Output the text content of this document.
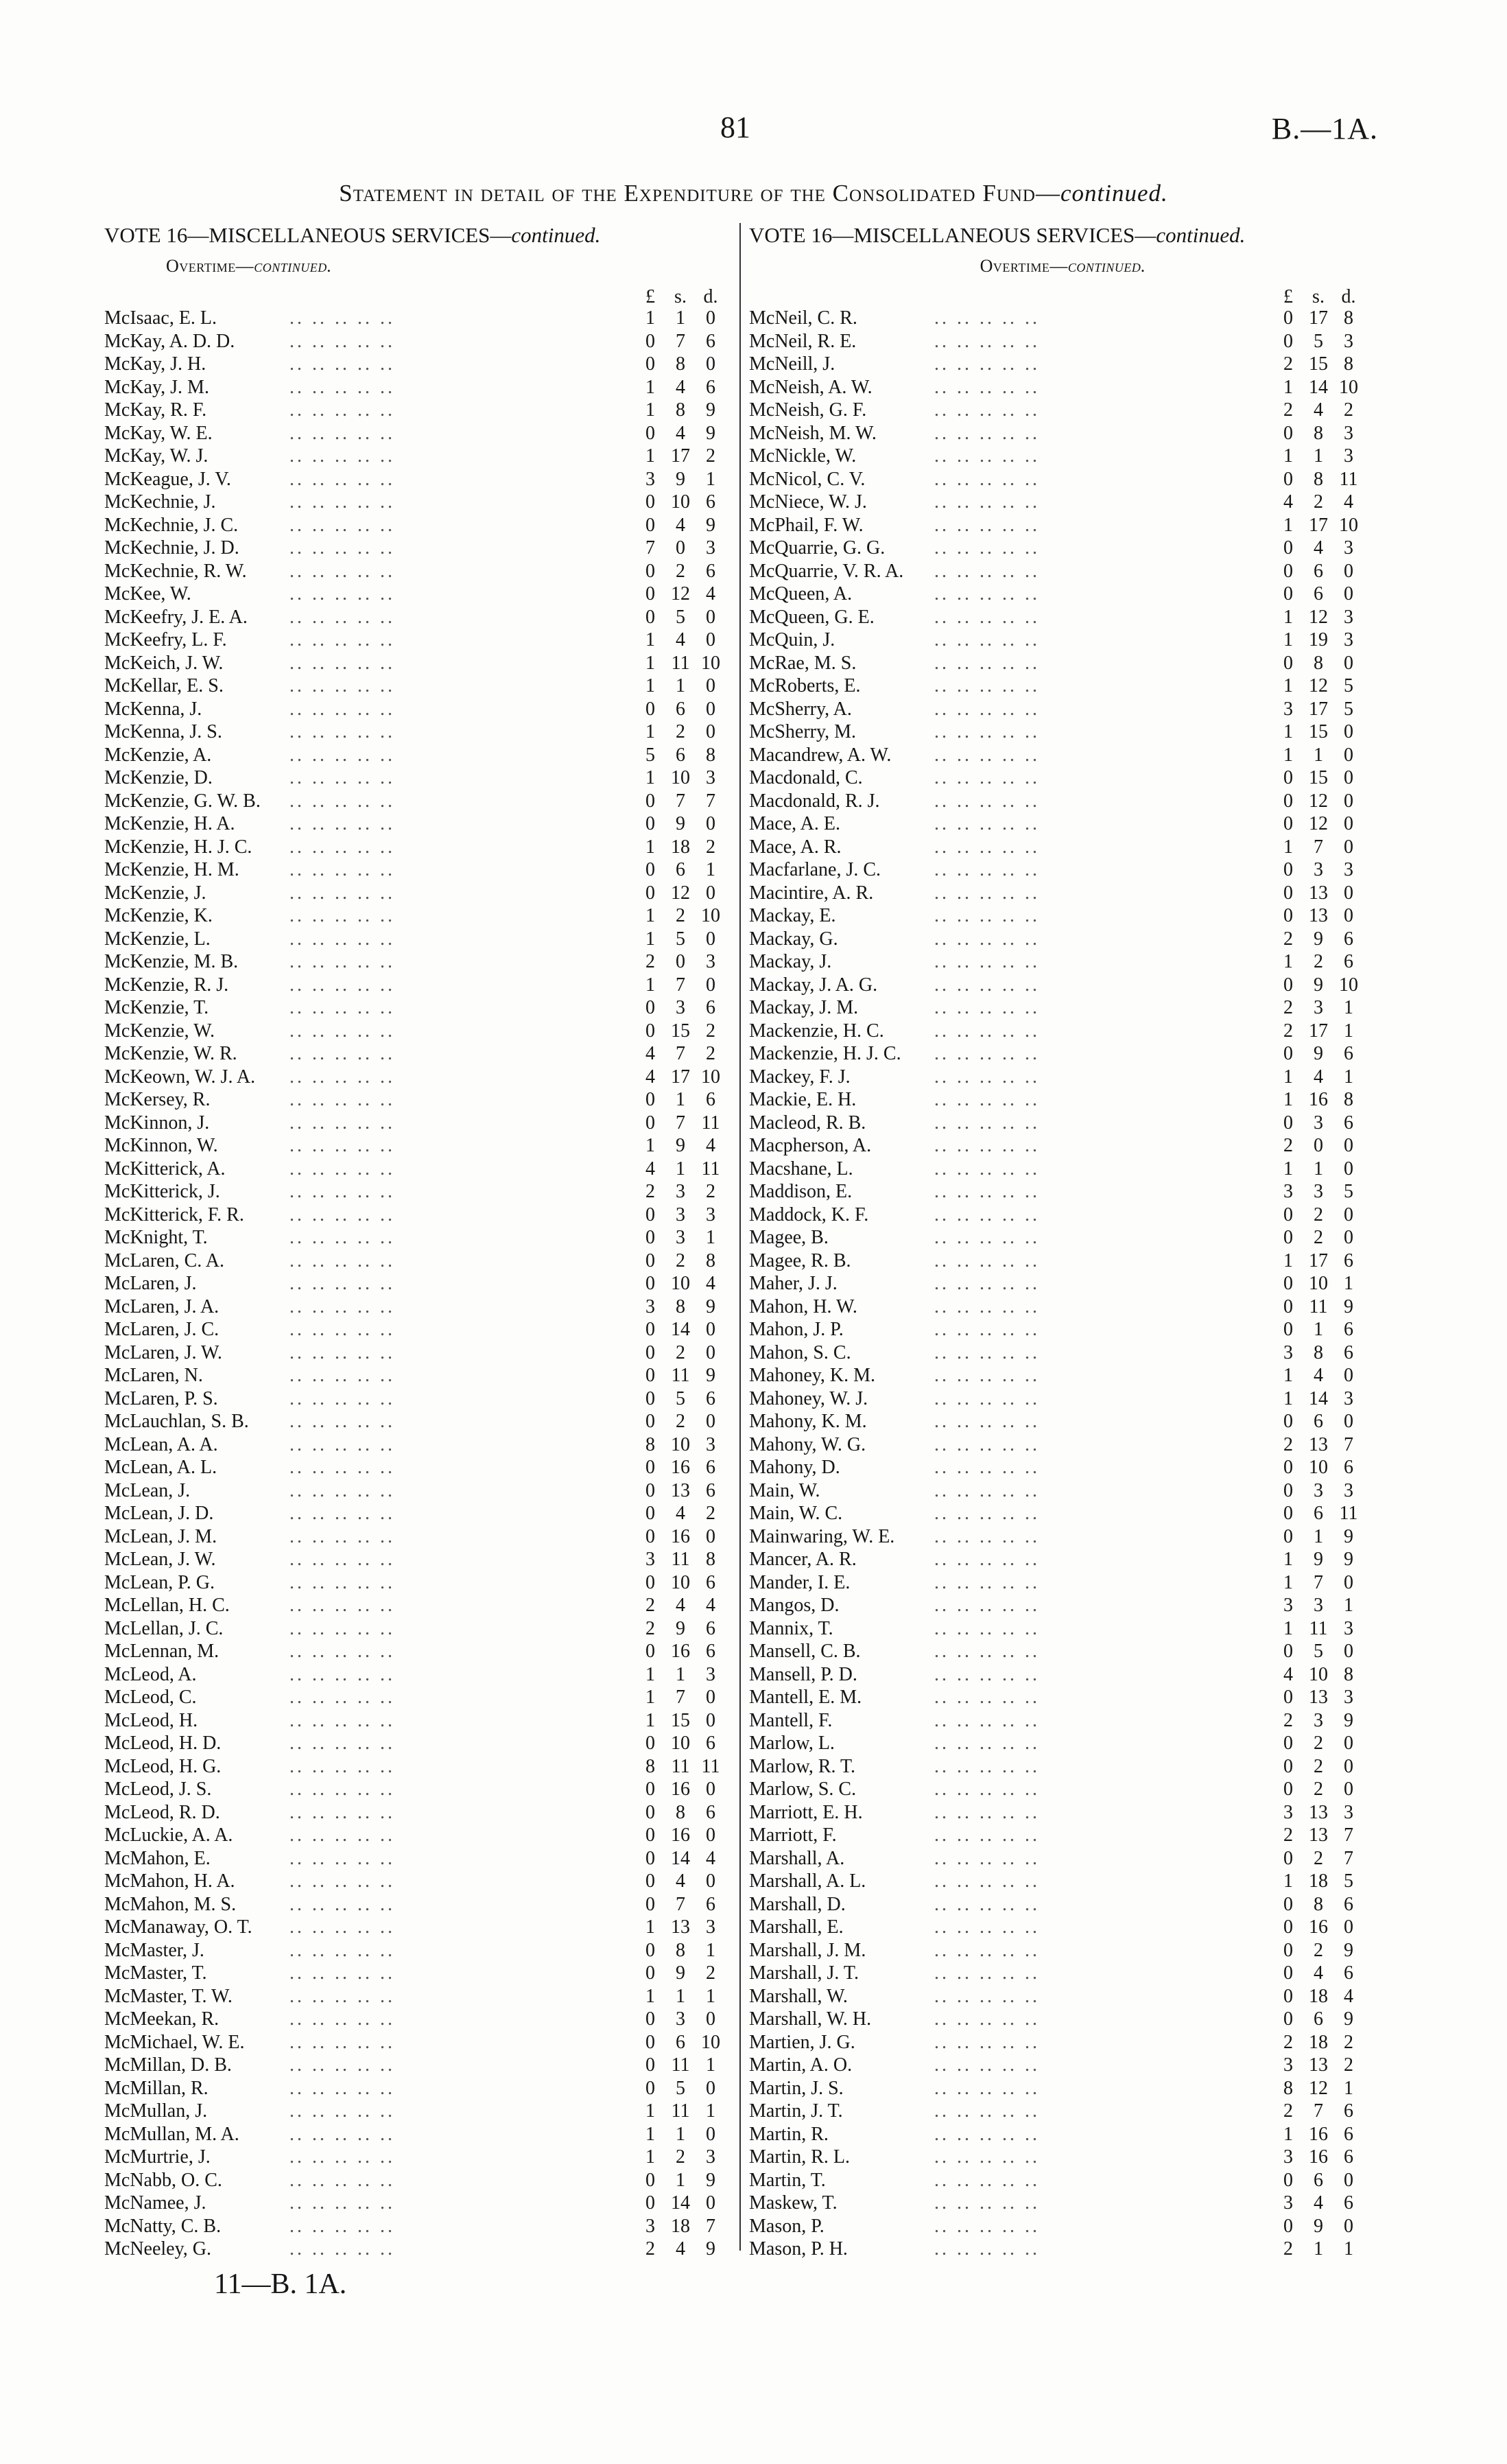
81	B.—1A.
Statement in detail of the Expenditure of the Consolidated Fund—continued.
VOTE 16—MISCELLANEOUS SERVICES—continued.
Overtime—continued.
£	s. d.
McIsaac, E. L.	1	1	0
.. .. .. .. ..
McKay, A. D. D.	0	7	6
.. .. .. .. ..
McKay, J. H.	0	8	0
.. .. .. .. ..
McKay, J. M.	1	4	6
.. .. .. .. ..
McKay, R. F.	1	8	9
.. .. .. .. ..
McKay, W. E.	0	4	9
.. .. .. .. ..
McKay, W. J.	1 17 2
.. .. .. .. ..
McKeague, J. V.	3	9	1
.. .. .. .. ..
McKechnie, J.	0 10 6
.. .. .. .. ..
McKechnie, J. C.	0	4	9
.. .. .. .. ..
McKechnie, J. D.	7	0	3
.. .. .. .. ..
McKechnie, R. W.	0	2	6
.. .. .. .. ..
McKee, W.	0 12 4
.. .. .. .. ..
McKeefry, J. E. A.	0	5	0
.. .. .. .. ..
McKeefry, L. F.	1	4	0
.. .. .. .. ..
McKeich, J. W.	1 11 10
.. .. .. .. ..
McKellar, E. S.	1	1	0
.. .. .. .. ..
McKenna, J.	0	6	0
.. .. .. .. ..
McKenna, J. S.	1	2	0
.. .. .. .. ..
McKenzie, A.	5	6	8
.. .. .. .. ..
McKenzie, D.	1 10 3
.. .. .. .. ..
McKenzie, G. W. B.	0	7	7
.. .. .. .. ..
McKenzie, H. A.	0	9	0
.. .. .. .. ..
McKenzie, H. J. C.	1 18 2
.. .. .. .. ..
McKenzie, H. M.	0	6	1
.. .. .. .. ..
McKenzie, J.	0 12 0
.. .. .. .. ..
McKenzie, K.	1	2 10
.. .. .. .. ..
McKenzie, L.	1	5	0
.. .. .. .. ..
McKenzie, M. B.	2	0	3
.. .. .. .. ..
McKenzie, R. J.	1	7	0
.. .. .. .. ..
McKenzie, T.	0	3	6
.. .. .. .. ..
McKenzie, W.	0 15 2
.. .. .. .. ..
McKenzie, W. R.	4	7	2
.. .. .. .. ..
McKeown, W. J. A.	4 17 10
.. .. .. .. ..
McKersey, R.	0	1	6
.. .. .. .. ..
McKinnon, J.	0	7 11
.. .. .. .. ..
McKinnon, W.	1	9	4
.. .. .. .. ..
McKitterick, A.	4	1 11
.. .. .. .. ..
McKitterick, J.	2	3	2
.. .. .. .. ..
McKitterick, F. R.	0	3	3
.. .. .. .. ..
McKnight, T.	0	3	1
.. .. .. .. ..
McLaren, C. A.	0	2	8
.. .. .. .. ..
McLaren, J.	0 10 4
.. .. .. .. ..
McLaren, J. A.	3	8	9
.. .. .. .. ..
McLaren, J. C.	0 14 0
.. .. .. .. ..
McLaren, J. W.	0	2	0
.. .. .. .. ..
McLaren, N.	0 11 9
.. .. .. .. ..
McLaren, P. S.	0	5	6
.. .. .. .. ..
McLauchlan, S. B.	0	2	0
.. .. .. .. ..
McLean, A. A.	8 10 3
.. .. .. .. ..
McLean, A. L.	0 16 6
.. .. .. .. ..
McLean, J.	0 13 6
.. .. .. .. ..
McLean, J. D.	0	4	2
.. .. .. .. ..
McLean, J. M.	0 16 0
.. .. .. .. ..
McLean, J. W.	3 11 8
.. .. .. .. ..
McLean, P. G.	0 10 6
.. .. .. .. ..
McLellan, H. C.	2	4	4
.. .. .. .. ..
McLellan, J. C.	2	9	6
.. .. .. .. ..
McLennan, M.	0 16 6
.. .. .. .. ..
McLeod, A.	1	1	3
.. .. .. .. ..
McLeod, C.	1	7	0
.. .. .. .. ..
McLeod, H.	1 15 0
.. .. .. .. ..
McLeod, H. D.	0 10 6
.. .. .. .. ..
McLeod, H. G.	8 11 11
.. .. .. .. ..
McLeod, J. S.	0 16 0
.. .. .. .. ..
McLeod, R. D.	0	8	6
.. .. .. .. ..
McLuckie, A. A.	0 16 0
.. .. .. .. ..
McMahon, E.	0 14 4
.. .. .. .. ..
McMahon, H. A.	0	4	0
.. .. .. .. ..
McMahon, M. S.	0	7	6
.. .. .. .. ..
McManaway, O. T.	1 13 3
.. .. .. .. ..
McMaster, J.	0	8	1
.. .. .. .. ..
McMaster, T.	0	9	2
.. .. .. .. ..
McMaster, T. W.	1	1	1
.. .. .. .. ..
McMeekan, R.	0	3	0
.. .. .. .. ..
McMichael, W. E.	0	6 10
.. .. .. .. ..
McMillan, D. B.	0 11 1
.. .. .. .. ..
McMillan, R.	0	5	0
.. .. .. .. ..
McMullan, J.	1 11 1
.. .. .. .. ..
McMullan, M. A.	1	1	0
.. .. .. .. ..
McMurtrie, J.	1	2	3
.. .. .. .. ..
McNabb, O. C.	0	1	9
.. .. .. .. ..
McNamee, J.	0 14 0
.. .. .. .. ..
McNatty, C. B.	3 18 7
.. .. .. .. ..
McNeeley, G.	2	4	9
.. .. .. .. ..
VOTE 16—MISCELLANEOUS SERVICES—continued.
Overtime—continued.
£	s. d.
McNeil, C. R.	0 17 8
.. .. .. .. ..
McNeil, R. E.	0	5	3
.. .. .. .. ..
McNeill, J.	2 15 8
.. .. .. .. ..
McNeish, A. W.	1 14 10
.. .. .. .. ..
McNeish, G. F.	2	4	2
.. .. .. .. ..
McNeish, M. W.	0	8	3
.. .. .. .. ..
McNickle, W.	1	1	3
.. .. .. .. ..
McNicol, C. V.	0	8 11
.. .. .. .. ..
McNiece, W. J.	4	2	4
.. .. .. .. ..
McPhail, F. W.	1 17 10
.. .. .. .. ..
McQuarrie, G. G.	0	4	3
.. .. .. .. ..
McQuarrie, V. R. A.	0	6	0
.. .. .. .. ..
McQueen, A.	0	6	0
.. .. .. .. ..
McQueen, G. E.	1 12 3
.. .. .. .. ..
McQuin, J.	1 19 3
.. .. .. .. ..
McRae, M. S.	0	8	0
.. .. .. .. ..
McRoberts, E.	1 12 5
.. .. .. .. ..
McSherry, A.	3 17 5
.. .. .. .. ..
McSherry, M.	1 15 0
.. .. .. .. ..
Macandrew, A. W.	1	1	0
.. .. .. .. ..
Macdonald, C.	0 15 0
.. .. .. .. ..
Macdonald, R. J.	0 12 0
.. .. .. .. ..
Mace, A. E.	0 12 0
.. .. .. .. ..
Mace, A. R.	1	7	0
.. .. .. .. ..
Macfarlane, J. C.	0	3	3
.. .. .. .. ..
Macintire, A. R.	0 13 0
.. .. .. .. ..
Mackay, E.	0 13 0
.. .. .. .. ..
Mackay, G.	2	9	6
.. .. .. .. ..
Mackay, J.	1	2	6
.. .. .. .. ..
Mackay, J. A. G.	0	9 10
.. .. .. .. ..
Mackay, J. M.	2	3	1
.. .. .. .. ..
Mackenzie, H. C.	2 17 1
.. .. .. .. ..
Mackenzie, H. J. C.	0	9	6
.. .. .. .. ..
Mackey, F. J.	1	4	1
.. .. .. .. ..
Mackie, E. H.	1 16 8
.. .. .. .. ..
Macleod, R. B.	0	3	6
.. .. .. .. ..
Macpherson, A.	2	0	0
.. .. .. .. ..
Macshane, L.	1	1	0
.. .. .. .. ..
Maddison, E.	3	3	5
.. .. .. .. ..
Maddock, K. F.	0	2	0
.. .. .. .. ..
Magee, B.	0	2	0
.. .. .. .. ..
Magee, R. B.	1 17 6
.. .. .. .. ..
Maher, J. J.	0 10 1
.. .. .. .. ..
Mahon, H. W.	0 11 9
.. .. .. .. ..
Mahon, J. P.	0	1	6
.. .. .. .. ..
Mahon, S. C.	3	8	6
.. .. .. .. ..
Mahoney, K. M.	1	4	0
.. .. .. .. ..
Mahoney, W. J.	1 14 3
.. .. .. .. ..
Mahony, K. M.	0	6	0
.. .. .. .. ..
Mahony, W. G.	2 13 7
.. .. .. .. ..
Mahony, D.	0 10 6
.. .. .. .. ..
Main, W.	0	3	3
.. .. .. .. ..
Main, W. C.	0	6 11
.. .. .. .. ..
Mainwaring, W. E.	0	1	9
.. .. .. .. ..
Mancer, A. R.	1	9	9
.. .. .. .. ..
Mander, I. E.	1	7	0
.. .. .. .. ..
Mangos, D.	3	3	1
.. .. .. .. ..
Mannix, T.	1 11 3
.. .. .. .. ..
Mansell, C. B.	0	5	0
.. .. .. .. ..
Mansell, P. D.	4 10 8
.. .. .. .. ..
Mantell, E. M.	0 13 3
.. .. .. .. ..
Mantell, F.	2	3	9
.. .. .. .. ..
Marlow, L.	0	2	0
.. .. .. .. ..
Marlow, R. T.	0	2	0
.. .. .. .. ..
Marlow, S. C.	0	2	0
.. .. .. .. ..
Marriott, E. H.	3 13 3
.. .. .. .. ..
Marriott, F.	2 13 7
.. .. .. .. ..
Marshall, A.	0	2	7
.. .. .. .. ..
Marshall, A. L.	1 18 5
.. .. .. .. ..
Marshall, D.	0	8	6
.. .. .. .. ..
Marshall, E.	0 16 0
.. .. .. .. ..
Marshall, J. M.	0	2	9
.. .. .. .. ..
Marshall, J. T.	0	4	6
.. .. .. .. ..
Marshall, W.	0 18 4
.. .. .. .. ..
Marshall, W. H.	0	6	9
.. .. .. .. ..
Martien, J. G.	2 18 2
.. .. .. .. ..
Martin, A. O.	3 13 2
.. .. .. .. ..
Martin, J. S.	8 12 1
.. .. .. .. ..
Martin, J. T.	2	7	6
.. .. .. .. ..
Martin, R.	1 16 6
.. .. .. .. ..
Martin, R. L.	3 16 6
.. .. .. .. ..
Martin, T.	0	6	0
.. .. .. .. ..
Maskew, T.	3	4	6
.. .. .. .. ..
Mason, P.	0	9	0
.. .. .. .. ..
Mason, P. H.	2	1	1
.. .. .. .. ..
11—B. 1A.
